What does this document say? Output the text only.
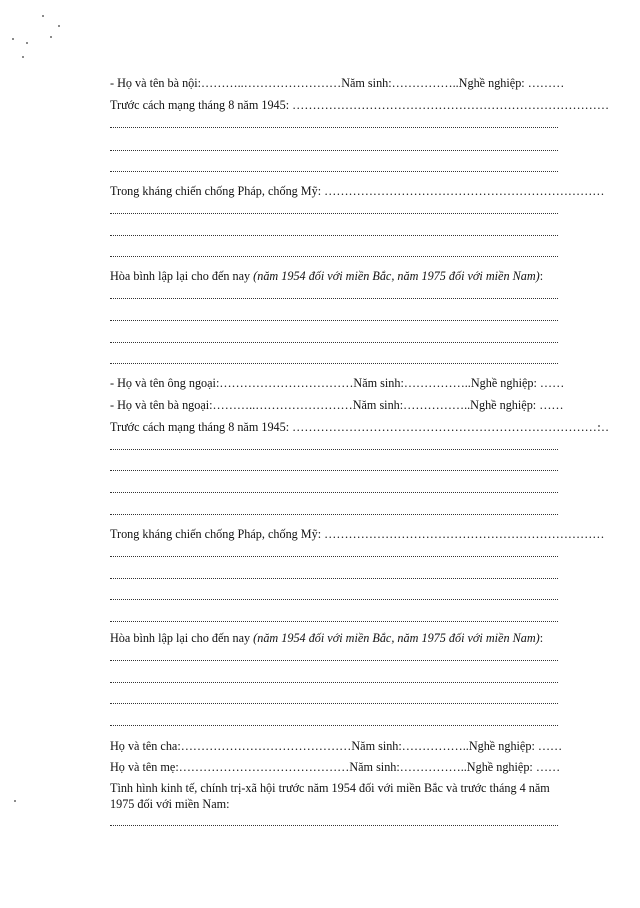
- Họ và tên bà nội:………..……………………Năm sinh:……………..Nghề nghiệp: ………
Trước cách mạng tháng 8 năm 1945: ……………………………………………………………………
Trong kháng chiến chống Pháp, chống Mỹ: ……………………………………………………………
Hòa bình lập lại cho đến nay (năm 1954 đối với miền Bắc, năm 1975 đối với miền Nam):
- Họ và tên ông ngoại:……………………………Năm sinh:……………..Nghề nghiệp: ……
- Họ và tên bà ngoại:………..……………………Năm sinh:……………..Nghề nghiệp: ……
Trước cách mạng tháng 8 năm 1945: ……………………………………………………………………
Trong kháng chiến chống Pháp, chống Mỹ: ……………………………………………………………
Hòa bình lập lại cho đến nay (năm 1954 đối với miền Bắc, năm 1975 đối với miền Nam):
Họ và tên cha:……………………………………Năm sinh:……………..Nghề nghiệp: ……
Họ và tên mẹ:……………………………………Năm sinh:……………..Nghề nghiệp: ……
Tình hình kinh tế, chính trị-xã hội trước năm 1954 đối với miền Bắc và trước tháng 4 năm
1975 đối với miền Nam:
